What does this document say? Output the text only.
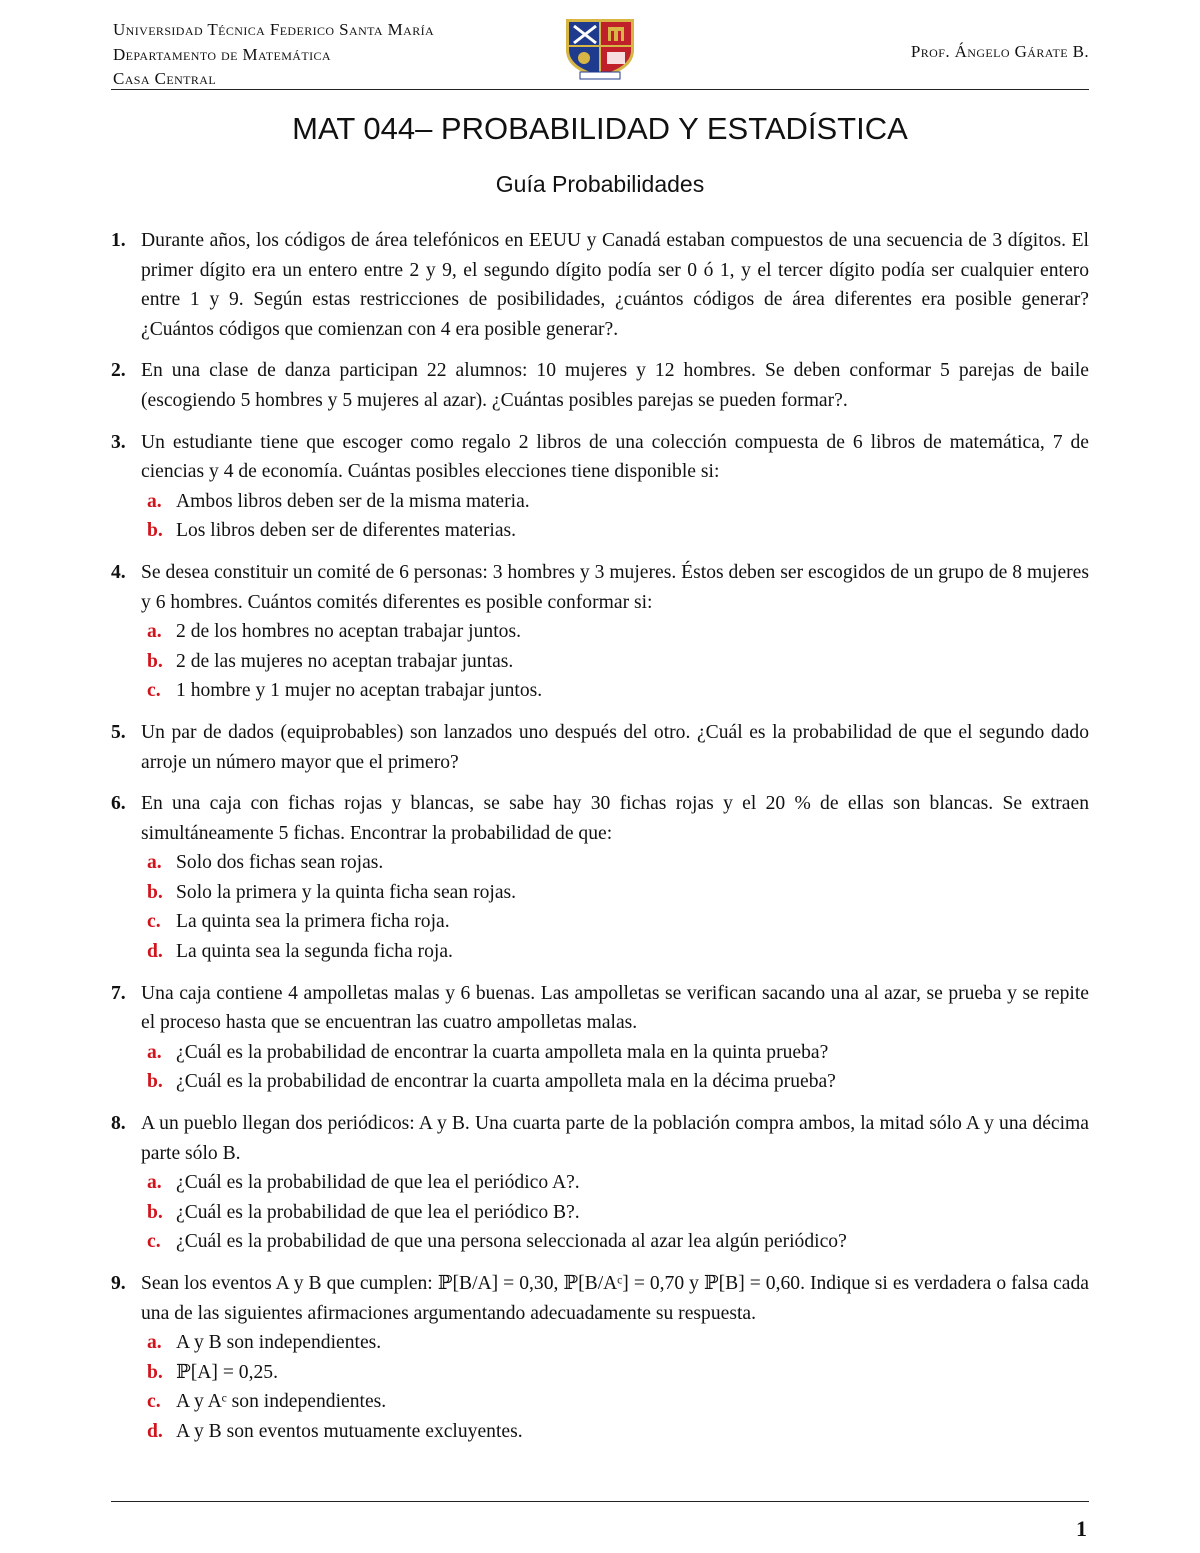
Universidad Técnica Federico Santa María
Departamento de Matemática
Casa Central
Prof. Ángelo Gárate B.
MAT 044– PROBABILIDAD Y ESTADÍSTICA
Guía Probabilidades
1. Durante años, los códigos de área telefónicos en EEUU y Canadá estaban compuestos de una secuencia de 3 dígitos. El primer dígito era un entero entre 2 y 9, el segundo dígito podía ser 0 ó 1, y el tercer dígito podía ser cualquier entero entre 1 y 9. Según estas restricciones de posibilidades, ¿cuántos códigos de área diferentes era posible generar? ¿Cuántos códigos que comienzan con 4 era posible generar?.
2. En una clase de danza participan 22 alumnos: 10 mujeres y 12 hombres. Se deben conformar 5 parejas de baile (escogiendo 5 hombres y 5 mujeres al azar). ¿Cuántas posibles parejas se pueden formar?.
3. Un estudiante tiene que escoger como regalo 2 libros de una colección compuesta de 6 libros de matemática, 7 de ciencias y 4 de economía. Cuántas posibles elecciones tiene disponible si:
a. Ambos libros deben ser de la misma materia.
b. Los libros deben ser de diferentes materias.
4. Se desea constituir un comité de 6 personas: 3 hombres y 3 mujeres. Éstos deben ser escogidos de un grupo de 8 mujeres y 6 hombres. Cuántos comités diferentes es posible conformar si:
a. 2 de los hombres no aceptan trabajar juntos.
b. 2 de las mujeres no aceptan trabajar juntas.
c. 1 hombre y 1 mujer no aceptan trabajar juntos.
5. Un par de dados (equiprobables) son lanzados uno después del otro. ¿Cuál es la probabilidad de que el segundo dado arroje un número mayor que el primero?
6. En una caja con fichas rojas y blancas, se sabe hay 30 fichas rojas y el 20 % de ellas son blancas. Se extraen simultáneamente 5 fichas. Encontrar la probabilidad de que:
a. Solo dos fichas sean rojas.
b. Solo la primera y la quinta ficha sean rojas.
c. La quinta sea la primera ficha roja.
d. La quinta sea la segunda ficha roja.
7. Una caja contiene 4 ampolletas malas y 6 buenas. Las ampolletas se verifican sacando una al azar, se prueba y se repite el proceso hasta que se encuentran las cuatro ampolletas malas.
a. ¿Cuál es la probabilidad de encontrar la cuarta ampolleta mala en la quinta prueba?
b. ¿Cuál es la probabilidad de encontrar la cuarta ampolleta mala en la décima prueba?
8. A un pueblo llegan dos periódicos: A y B. Una cuarta parte de la población compra ambos, la mitad sólo A y una décima parte sólo B.
a. ¿Cuál es la probabilidad de que lea el periódico A?.
b. ¿Cuál es la probabilidad de que lea el periódico B?.
c. ¿Cuál es la probabilidad de que una persona seleccionada al azar lea algún periódico?
9. Sean los eventos A y B que cumplen: ℙ[B/A] = 0,30, ℙ[B/Aᶜ] = 0,70 y ℙ[B] = 0,60. Indique si es verdadera o falsa cada una de las siguientes afirmaciones argumentando adecuadamente su respuesta.
a. A y B son independientes.
b. ℙ[A] = 0,25.
c. A y Aᶜ son independientes.
d. A y B son eventos mutuamente excluyentes.
1
